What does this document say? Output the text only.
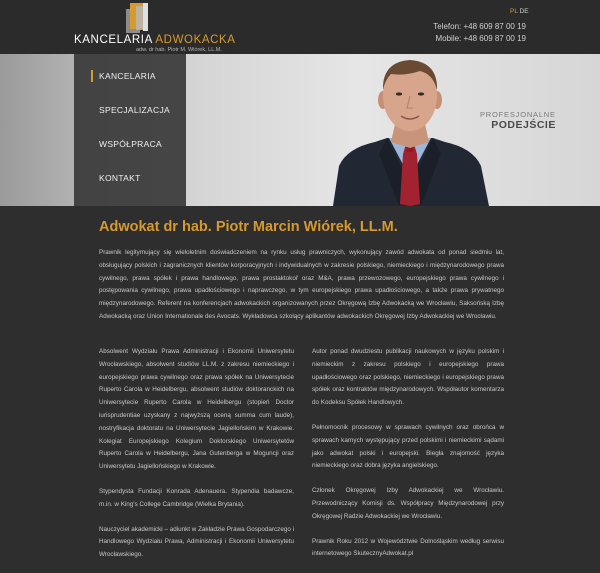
KANCELARIA ADWOKACKA
adw. dr hab. Piotr M. Wiórek, LL.M.
PL DE
Telefon: +48 609 87 00 19
Mobile: +48 609 87 00 19
KANCELARIA
SPECJALIZACJA
WSPÓŁPRACA
KONTAKT
PROFESJONALNE
PODEJŚCIE
Adwokat dr hab. Piotr Marcin Wiórek, LL.M.
Prawnik legitymujący się wieloletnim doświadczeniem na rynku usług prawniczych, wykonujący zawód adwokata od ponad siedmiu lat, obsługujący polskich i zagranicznych klientów korporacyjnych i indywidualnych w zakresie polskiego, niemieckiego i międzynarodowego prawa cywilnego, prawa spółek i prawa handlowego, prawa prostaktokoř oraz M&A, prawa przewozowego, europejskiego prawa cywilnego i postępowania cywilnego, prawa upadłościowego i naprawczego, w tym europejskiego prawa upadłościowego, a także prawa prywatnego międzynarodowego. Referent na konferencjach adwokackich organizowanych przez Okręgową Izbę Adwokacką we Wrocławiu, Saksońską Izbę Adwokacką oraz Union Internationale des Avocats. Wykładowca szkolący aplikantów adwokackich Okręgowej Izby Adwokackiej we Wrocławiu.

Absolwent Wydziału Prawa Administracji i Ekonomii Uniwersytetu Wrocławskiego, absolwent studiów LL.M. z zakresu niemieckiego i europejskiego prawa cywilnego oraz prawa spółek na Uniwersytecie Ruperto Carola w Heidelbergu, absolwent studiów doktoranckich na Uniwersytecie Ruperto Carola w Heidelbergu (stopień Doctor iurisprudentiae uzyskany z najwyższą oceną summa cum laude), nostryfikacja doktoratu na Uniwersytecie Jagiellońskim w Krakowie. Kolegiat Europejskiego Kolegium Doktorskiego Uniwersytetów Ruperto Carola w Heidelbergu, Jana Gutenberga w Moguncji oraz Uniwersytetu Jagiellońskiego w Krakowie.

Stypendysta Fundacji Konrada Adenauera. Stypendia badawcze, m.in. w King's College Cambridge (Wielka Brytania).

Nauczyciel akademicki – adiunkt w Zakładzie Prawa Gospodarczego i Handlowego Wydziału Prawa, Administracji i Ekonomii Uniwersytetu Wrocławskiego.

Autor ponad dwudziestu publikacji naukowych w języku polskim i niemieckim z zakresu polskiego i europejskiego prawa upadłościowego oraz polskiego, niemieckiego i europejskiego prawa spółek oraz kontraktów międzynarodowych. Współautor komentarza do Kodeksu Spółek Handlowych.

Pełnomocnik procesowy w sprawach cywilnych oraz obrońca w sprawach karnych występujący przed polskimi i niemieckimi sądami jako adwokat polski i europejski. Biegła znajomość języka niemieckiego oraz dobra języka angielskiego.

Członek Okręgowej Izby Adwokackiej we Wrocławiu. Przewodniczący Komisji ds. Współpracy Międzynarodowej przy Okręgowej Radzie Adwokackiej we Wrocławiu.

Prawnik Roku 2012 w Województwie Dolnośląskim według serwisu internetowego SkutecznyAdwokat.pl
